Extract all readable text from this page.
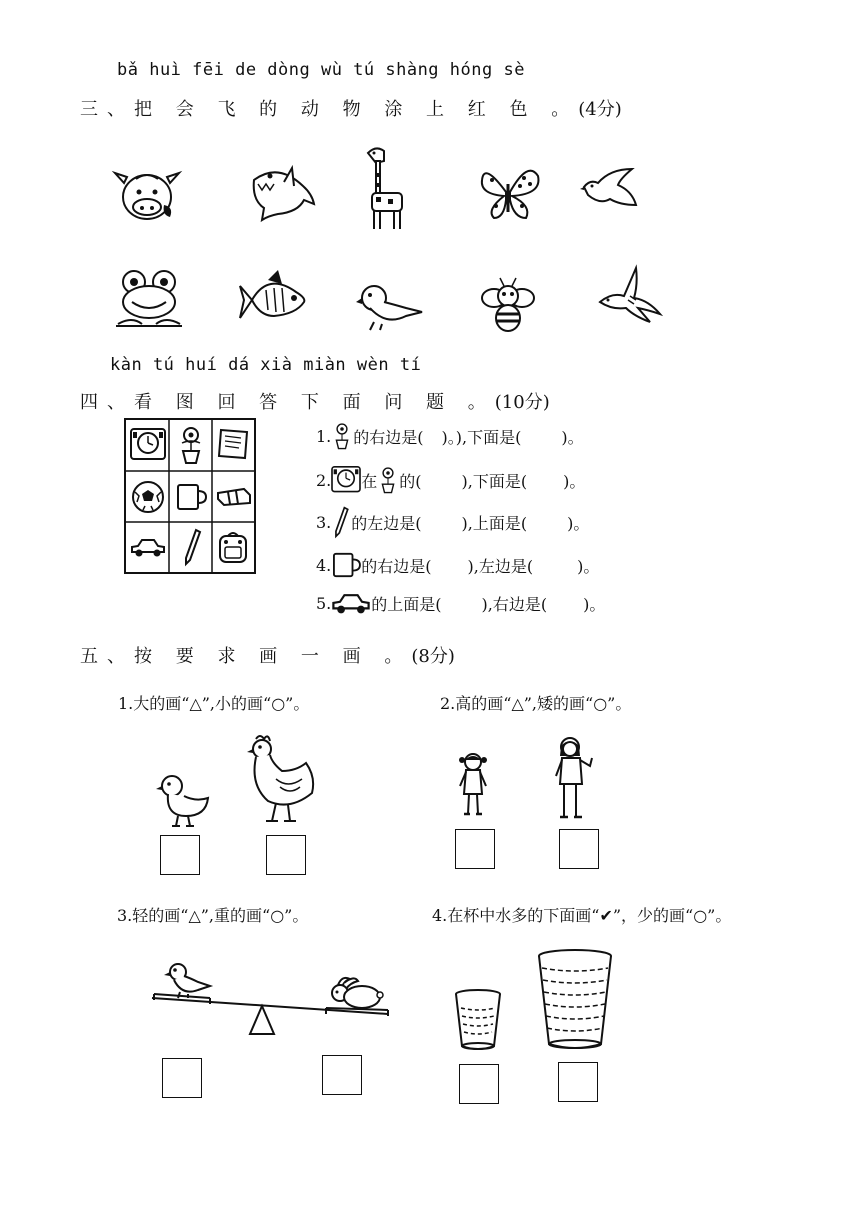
bǎ huì fēi de dòng wù tú shàng hóng sè
三、把 会 飞 的 动 物 涂 上 红 色 。(4分)
kàn tú huí dá xià miàn wèn tí
四、看 图 回 答 下 面 问 题 。(10分)
1. 的右边是( )。),下面是(	)。
2. 在 的(	),下面是( )。
3. 的左边是(	),上面是(	)。
4. 的右边是( ),左边是(	)。
5.	的上面是(	),右边是( )。
五、按 要 求 画 一 画 。(8分)
1.大的画“△”,小的画“○”。	2.高的画“△”,矮的画“○”。
3.轻的画“△”,重的画“○”。	4.在杯中水多的下面画“✔”，少的画“○”。
